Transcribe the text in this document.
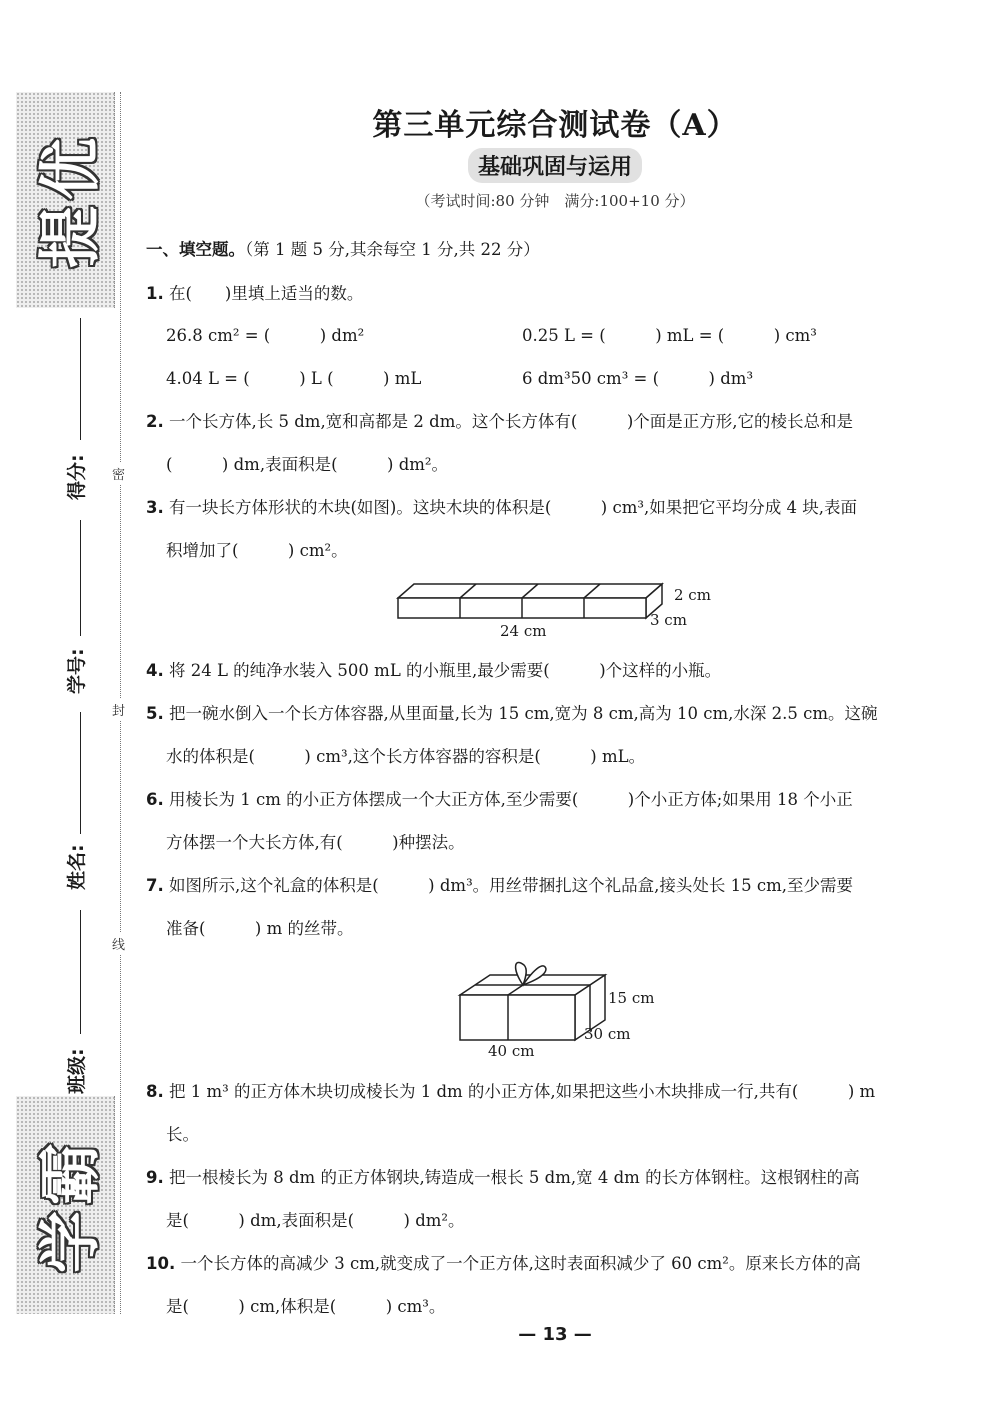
提优
学霸
得分:
学号:
姓名:
班级:
密
封
线
第三单元综合测试卷（A）
基础巩固与运用
（考试时间:80 分钟　满分:100+10 分）
一、填空题。（第 1 题 5 分,其余每空 1 分,共 22 分）
1. 在(　　)里填上适当的数。
26.8 cm² = (　　　) dm²	0.25 L = (　　　) mL = (　　　) cm³
4.04 L = (　　　) L (　　　) mL	6 dm³50 cm³ = (　　　) dm³
2. 一个长方体,长 5 dm,宽和高都是 2 dm。这个长方体有(　　　)个面是正方形,它的棱长总和是
(　　　) dm,表面积是(　　　) dm²。
3. 有一块长方体形状的木块(如图)。这块木块的体积是(　　　) cm³,如果把它平均分成 4 块,表面
积增加了(　　　) cm²。
2 cm
3 cm
24 cm
4. 将 24 L 的纯净水装入 500 mL 的小瓶里,最少需要(　　　)个这样的小瓶。
5. 把一碗水倒入一个长方体容器,从里面量,长为 15 cm,宽为 8 cm,高为 10 cm,水深 2.5 cm。这碗
水的体积是(　　　) cm³,这个长方体容器的容积是(　　　) mL。
6. 用棱长为 1 cm 的小正方体摆成一个大正方体,至少需要(　　　)个小正方体;如果用 18 个小正
方体摆一个大长方体,有(　　　)种摆法。
7. 如图所示,这个礼盒的体积是(　　　) dm³。用丝带捆扎这个礼品盒,接头处长 15 cm,至少需要
准备(　　　) m 的丝带。
15 cm
30 cm
40 cm
8. 把 1 m³ 的正方体木块切成棱长为 1 dm 的小正方体,如果把这些小木块排成一行,共有(　　　) m
长。
9. 把一根棱长为 8 dm 的正方体钢块,铸造成一根长 5 dm,宽 4 dm 的长方体钢柱。这根钢柱的高
是(　　　) dm,表面积是(　　　) dm²。
10. 一个长方体的高减少 3 cm,就变成了一个正方体,这时表面积减少了 60 cm²。原来长方体的高
是(　　　) cm,体积是(　　　) cm³。
— 13 —
